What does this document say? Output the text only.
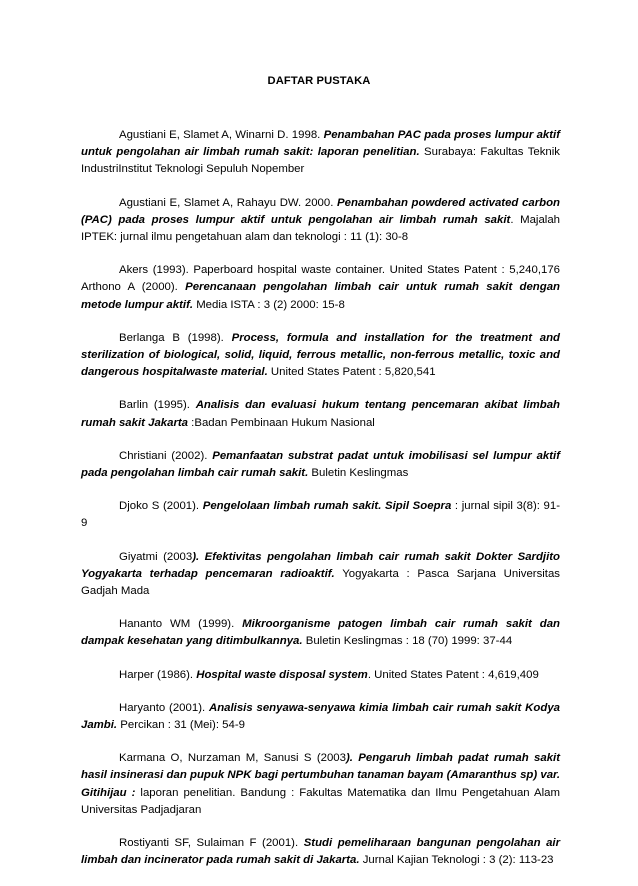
DAFTAR PUSTAKA

Agustiani E, Slamet A, Winarni D. 1998. Penambahan PAC pada proses lumpur aktif untuk pengolahan air limbah rumah sakit: laporan penelitian. Surabaya: Fakultas Teknik IndustriInstitut Teknologi Sepuluh Nopember

Agustiani E, Slamet A, Rahayu DW. 2000. Penambahan powdered activated carbon (PAC) pada proses lumpur aktif untuk pengolahan air limbah rumah sakit. Majalah IPTEK: jurnal ilmu pengetahuan alam dan teknologi : 11 (1): 30-8

Akers (1993). Paperboard hospital waste container. United States Patent : 5,240,176 Arthono A (2000). Perencanaan pengolahan limbah cair untuk rumah sakit dengan metode lumpur aktif. Media ISTA : 3 (2) 2000: 15-8

Berlanga B (1998). Process, formula and installation for the treatment and sterilization of biological, solid, liquid, ferrous metallic, non-ferrous metallic, toxic and dangerous hospitalwaste material. United States Patent : 5,820,541

Barlin (1995). Analisis dan evaluasi hukum tentang pencemaran akibat limbah rumah sakit Jakarta :Badan Pembinaan Hukum Nasional

Christiani (2002). Pemanfaatan substrat padat untuk imobilisasi sel lumpur aktif pada pengolahan limbah cair rumah sakit. Buletin Keslingmas

Djoko S (2001). Pengelolaan limbah rumah sakit. Sipil Soepra : jurnal sipil 3(8): 91-9

Giyatmi (2003). Efektivitas pengolahan limbah cair rumah sakit Dokter Sardjito Yogyakarta terhadap pencemaran radioaktif. Yogyakarta : Pasca Sarjana Universitas Gadjah Mada

Hananto WM (1999). Mikroorganisme patogen limbah cair rumah sakit dan dampak kesehatan yang ditimbulkannya. Buletin Keslingmas : 18 (70) 1999: 37-44

Harper (1986). Hospital waste disposal system. United States Patent : 4,619,409

Haryanto (2001). Analisis senyawa-senyawa kimia limbah cair rumah sakit Kodya Jambi. Percikan : 31 (Mei): 54-9

Karmana O, Nurzaman M, Sanusi S (2003). Pengaruh limbah padat rumah sakit hasil insinerasi dan pupuk NPK bagi pertumbuhan tanaman bayam (Amaranthus sp) var. Gitihijau : laporan penelitian. Bandung : Fakultas Matematika dan Ilmu Pengetahuan Alam Universitas Padjadjaran

Rostiyanti SF, Sulaiman F (2001). Studi pemeliharaan bangunan pengolahan air limbah dan incinerator pada rumah sakit di Jakarta. Jurnal Kajian Teknologi : 3 (2): 113-23
